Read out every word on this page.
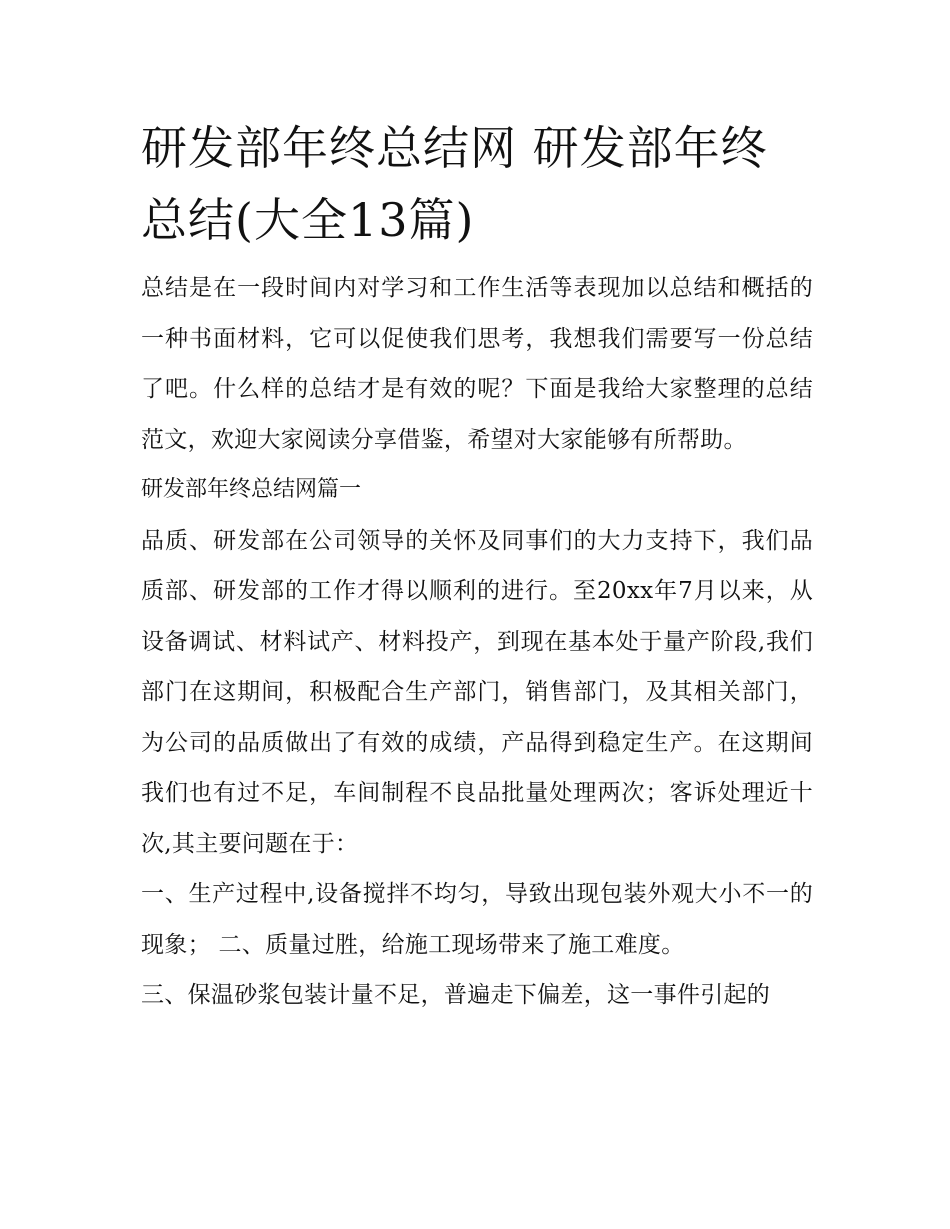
研发部年终总结网 研发部年终总结(大全13篇)

总结是在一段时间内对学习和工作生活等表现加以总结和概括的一种书面材料，它可以促使我们思考，我想我们需要写一份总结了吧。什么样的总结才是有效的呢？下面是我给大家整理的总结范文，欢迎大家阅读分享借鉴，希望对大家能够有所帮助。

研发部年终总结网篇一

品质、研发部在公司领导的关怀及同事们的大力支持下，我们品质部、研发部的工作才得以顺利的进行。至20xx年7月以来，从设备调试、材料试产、材料投产，到现在基本处于量产阶段,我们部门在这期间，积极配合生产部门，销售部门，及其相关部门，为公司的品质做出了有效的成绩，产品得到稳定生产。在这期间我们也有过不足，车间制程不良品批量处理两次；客诉处理近十次,其主要问题在于：

一、生产过程中,设备搅拌不均匀，导致出现包装外观大小不一的现象； 二、质量过胜，给施工现场带来了施工难度。

三、保温砂浆包装计量不足，普遍走下偏差，这一事件引起的
